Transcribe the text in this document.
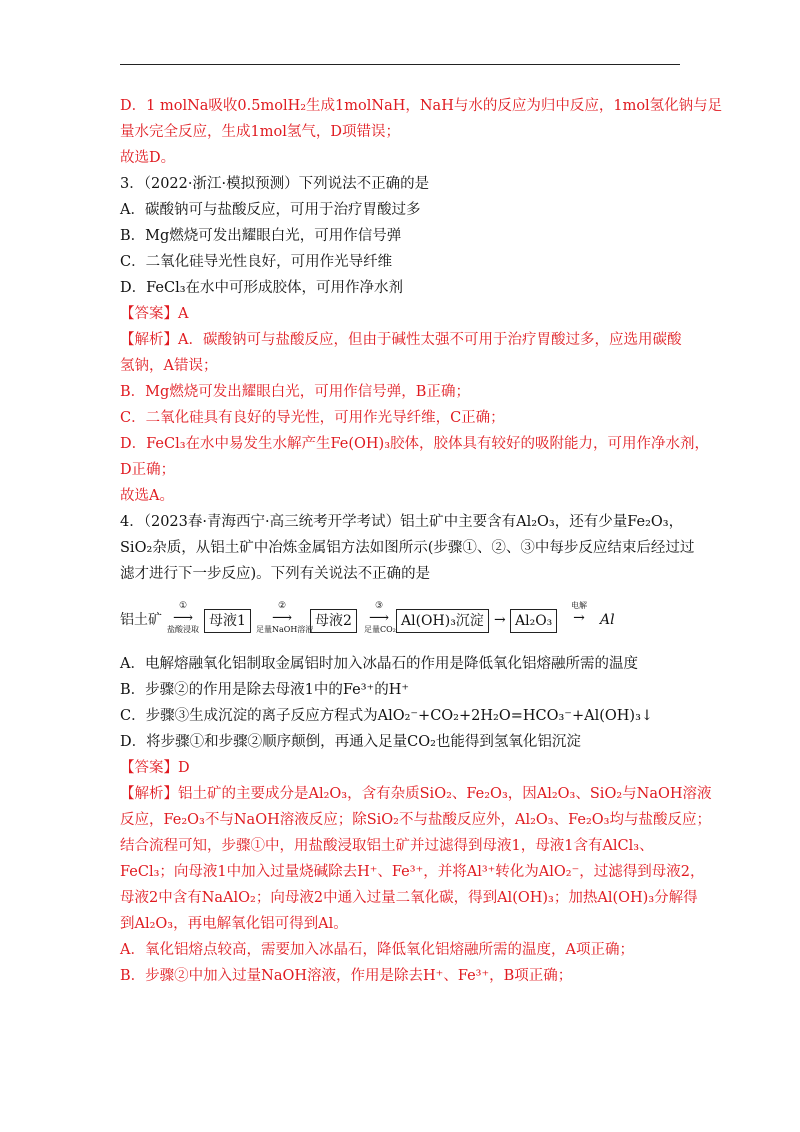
D．1 molNa吸收0.5molH₂生成1molNaH，NaH与水的反应为归中反应，1mol氢化钠与足
量水完全反应，生成1mol氢气，D项错误；
故选D。
3．（2022·浙江·模拟预测）下列说法不正确的是
A．碳酸钠可与盐酸反应，可用于治疗胃酸过多
B．Mg燃烧可发出耀眼白光，可用作信号弹
C．二氧化硅导光性良好，可用作光导纤维
D．FeCl₃在水中可形成胶体，可用作净水剂
【答案】A
【解析】A．碳酸钠可与盐酸反应，但由于碱性太强不可用于治疗胃酸过多，应选用碳酸
氢钠，A错误；
B．Mg燃烧可发出耀眼白光，可用作信号弹，B正确；
C．二氧化硅具有良好的导光性，可用作光导纤维，C正确；
D．FeCl₃在水中易发生水解产生Fe(OH)₃胶体，胶体具有较好的吸附能力，可用作净水剂，
D正确；
故选A。
4．（2023春·青海西宁·高三统考开学考试）铝土矿中主要含有Al₂O₃，还有少量Fe₂O₃，
SiO₂杂质，从铝土矿中冶炼金属铝方法如图所示(步骤①、②、③中每步反应结束后经过过
滤才进行下一步反应)。下列有关说法不正确的是
铝土矿
①
⟶
盐酸浸取
母液1
②
⟶
足量NaOH溶液
母液2
③
⟶
足量CO₂
Al(OH)₃沉淀 → Al₂O₃
电解
→	Al
A．电解熔融氧化铝制取金属铝时加入冰晶石的作用是降低氧化铝熔融所需的温度
B．步骤②的作用是除去母液1中的Fe³⁺的H⁺
C．步骤③生成沉淀的离子反应方程式为AlO₂⁻+CO₂+2H₂O=HCO₃⁻+Al(OH)₃↓
D．将步骤①和步骤②顺序颠倒，再通入足量CO₂也能得到氢氧化铝沉淀
【答案】D
【解析】铝土矿的主要成分是Al₂O₃，含有杂质SiO₂、Fe₂O₃，因Al₂O₃、SiO₂与NaOH溶液
反应，Fe₂O₃不与NaOH溶液反应；除SiO₂不与盐酸反应外，Al₂O₃、Fe₂O₃均与盐酸反应；
结合流程可知，步骤①中，用盐酸浸取铝土矿并过滤得到母液1，母液1含有AlCl₃、
FeCl₃；向母液1中加入过量烧碱除去H⁺、Fe³⁺，并将Al³⁺转化为AlO₂⁻，过滤得到母液2，
母液2中含有NaAlO₂；向母液2中通入过量二氧化碳，得到Al(OH)₃；加热Al(OH)₃分解得
到Al₂O₃，再电解氧化铝可得到Al。
A．氧化铝熔点较高，需要加入冰晶石，降低氧化铝熔融所需的温度，A项正确；
B．步骤②中加入过量NaOH溶液，作用是除去H⁺、Fe³⁺，B项正确；
